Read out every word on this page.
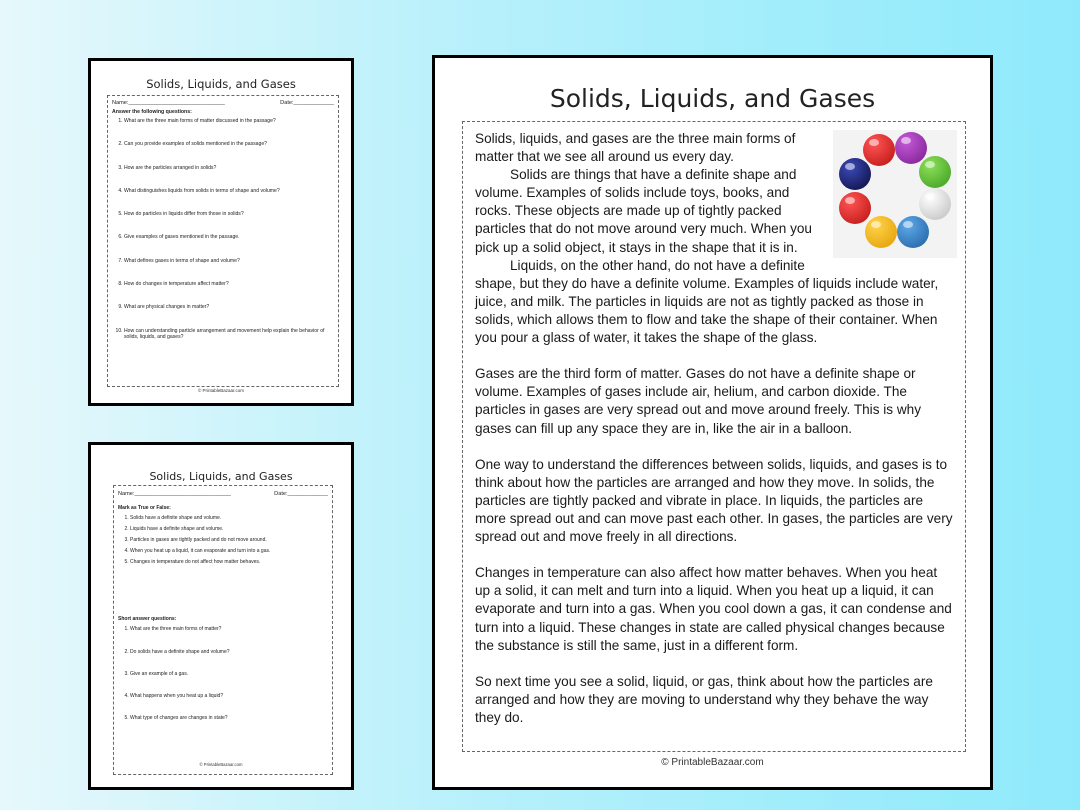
Solids, Liquids, and Gases
Name:_______________________________	Date:_____________
Answer the following questions:
1. What are the three main forms of matter discussed in the passage?
2. Can you provide examples of solids mentioned in the passage?
3. How are the particles arranged in solids?
4. What distinguishes liquids from solids in terms of shape and volume?
5. How do particles in liquids differ from those in solids?
6. Give examples of gases mentioned in the passage.
7. What defines gases in terms of shape and volume?
8. How do changes in temperature affect matter?
9. What are physical changes in matter?
10. How can understanding particle arrangement and movement help explain the behavior of solids, liquids, and gases?
© PrintableBazaar.com
Solids, Liquids, and Gases
Name:_______________________________	Date:_____________
Mark as True or False:
1. Solids have a definite shape and volume.
2. Liquids have a definite shape and volume.
3. Particles in gases are tightly packed and do not move around.
4. When you heat up a liquid, it can evaporate and turn into a gas.
5. Changes in temperature do not affect how matter behaves.
Short answer questions:
1. What are the three main forms of matter?
2. Do solids have a definite shape and volume?
3. Give an example of a gas.
4. What happens when you heat up a liquid?
5. What type of changes are changes in state?
© PrintableBazaar.com
Solids, Liquids, and Gases

Solids, liquids, and gases are the three main forms of matter that we see all around us every day.

Solids are things that have a definite shape and volume. Examples of solids include toys, books, and rocks. These objects are made up of tightly packed particles that do not move around very much. When you pick up a solid object, it stays in the shape that it is in.

Liquids, on the other hand, do not have a definite shape, but they do have a definite volume. Examples of liquids include water, juice, and milk. The particles in liquids are not as tightly packed as those in solids, which allows them to flow and take the shape of their container. When you pour a glass of water, it takes the shape of the glass.

Gases are the third form of matter. Gases do not have a definite shape or volume. Examples of gases include air, helium, and carbon dioxide. The particles in gases are very spread out and move around freely. This is why gases can fill up any space they are in, like the air in a balloon.

One way to understand the differences between solids, liquids, and gases is to think about how the particles are arranged and how they move. In solids, the particles are tightly packed and vibrate in place. In liquids, the particles are more spread out and can move past each other. In gases, the particles are very spread out and move freely in all directions.

Changes in temperature can also affect how matter behaves. When you heat up a solid, it can melt and turn into a liquid. When you heat up a liquid, it can evaporate and turn into a gas. When you cool down a gas, it can condense and turn into a liquid. These changes in state are called physical changes because the substance is still the same, just in a different form.

So next time you see a solid, liquid, or gas, think about how the particles are arranged and how they are moving to understand why they behave the way they do.

© PrintableBazaar.com
